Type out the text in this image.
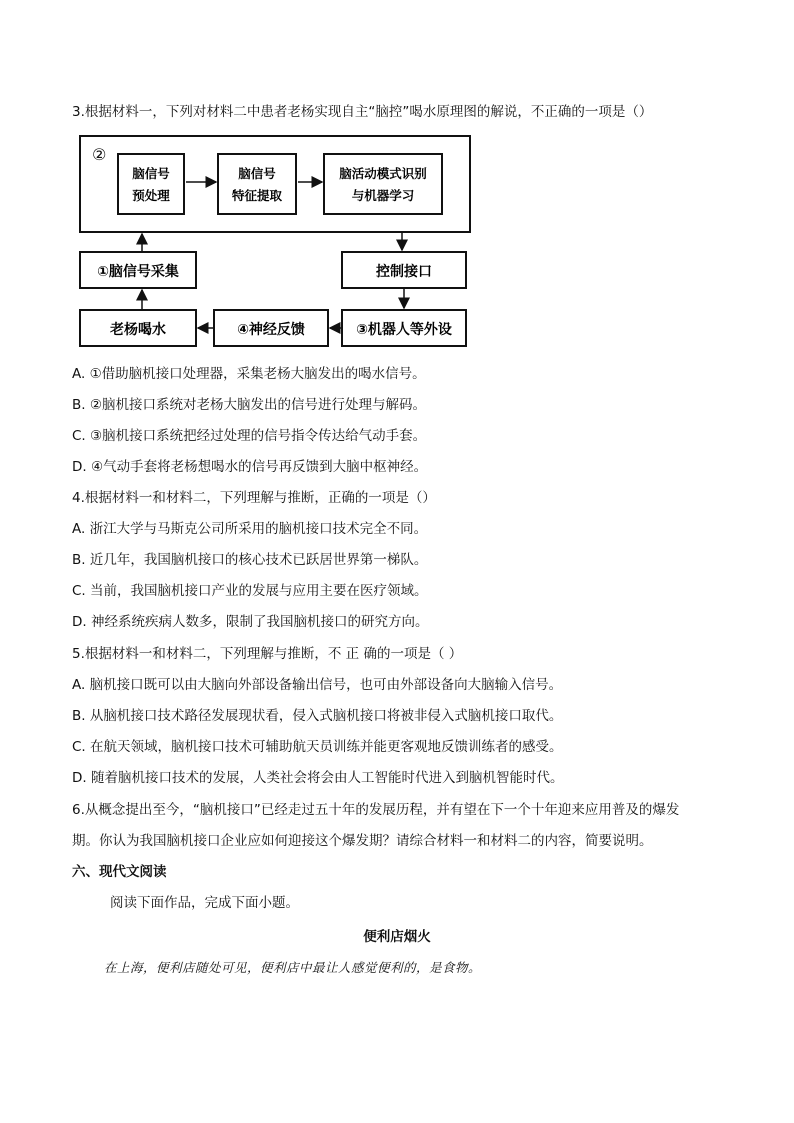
3.根据材料一，下列对材料二中患者老杨实现自主“脑控”喝水原理图的解说，不正确的一项是（）
②
脑信号
预处理
脑信号
特征提取
脑活动模式识别
与机器学习
①脑信号采集	控制接口
老杨喝水	④神经反馈	③机器人等外设
A. ①借助脑机接口处理器，采集老杨大脑发出的喝水信号。
B. ②脑机接口系统对老杨大脑发出的信号进行处理与解码。
C. ③脑机接口系统把经过处理的信号指令传达给气动手套。
D. ④气动手套将老杨想喝水的信号再反馈到大脑中枢神经。
4.根据材料一和材料二，下列理解与推断，正确的一项是（）
A. 浙江大学与马斯克公司所采用的脑机接口技术完全不同。
B. 近几年，我国脑机接口的核心技术已跃居世界第一梯队。
C. 当前，我国脑机接口产业的发展与应用主要在医疗领域。
D. 神经系统疾病人数多，限制了我国脑机接口的研究方向。
5.根据材料一和材料二，下列理解与推断，不 正 确的一项是（ ）
A. 脑机接口既可以由大脑向外部设备输出信号，也可由外部设备向大脑输入信号。
B. 从脑机接口技术路径发展现状看，侵入式脑机接口将被非侵入式脑机接口取代。
C. 在航天领域，脑机接口技术可辅助航天员训练并能更客观地反馈训练者的感受。
D. 随着脑机接口技术的发展，人类社会将会由人工智能时代进入到脑机智能时代。
6.从概念提出至今，“脑机接口”已经走过五十年的发展历程，并有望在下一个十年迎来应用普及的爆发
期。你认为我国脑机接口企业应如何迎接这个爆发期？请综合材料一和材料二的内容，简要说明。
六、现代文阅读
阅读下面作品，完成下面小题。
便利店烟火
在上海，便利店随处可见，便利店中最让人感觉便利的，是食物。
